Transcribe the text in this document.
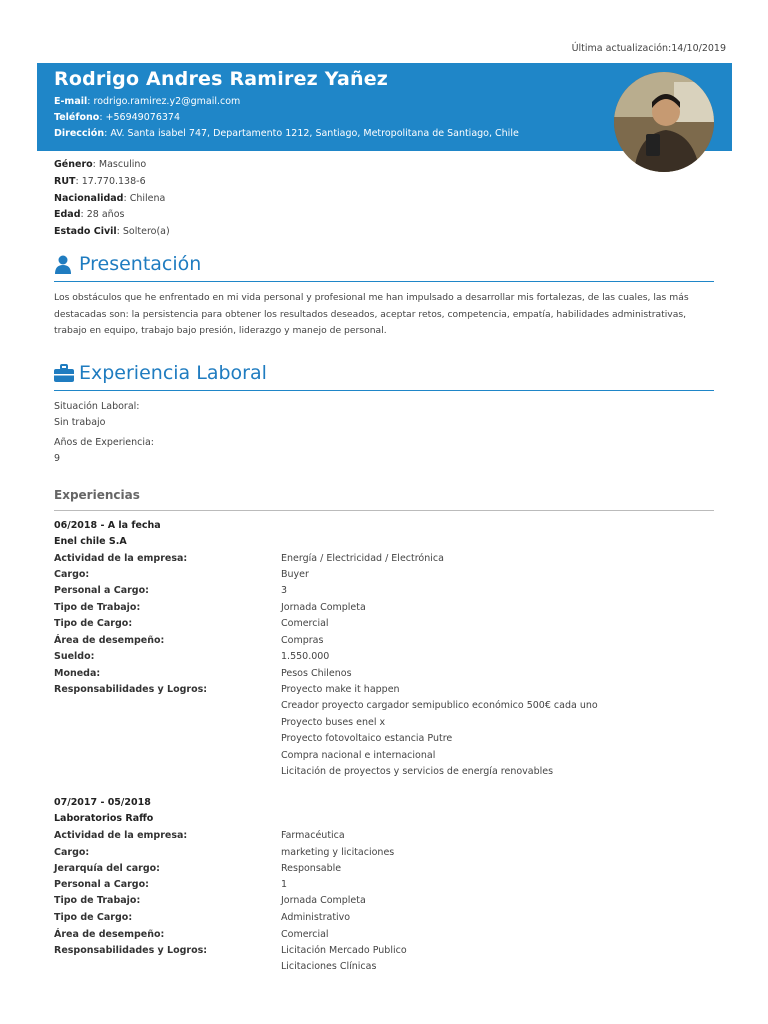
Última actualización:14/10/2019
Rodrigo Andres Ramirez Yañez
E-mail: rodrigo.ramirez.y2@gmail.com
Teléfono: +56949076374
Dirección: AV. Santa isabel 747, Departamento 1212, Santiago, Metropolitana de Santiago, Chile
Género: Masculino
RUT: 17.770.138-6
Nacionalidad: Chilena
Edad: 28 años
Estado Civil: Soltero(a)
Presentación
Los obstáculos que he enfrentado en mi vida personal y profesional me han impulsado a desarrollar mis fortalezas, de las cuales, las más
destacadas son: la persistencia para obtener los resultados deseados, aceptar retos, competencia, empatía, habilidades administrativas,
trabajo en equipo, trabajo bajo presión, liderazgo y manejo de personal.
Experiencia Laboral
Situación Laboral:
Sin trabajo
Años de Experiencia:
9
Experiencias
06/2018 - A la fecha
Enel chile S.A
Actividad de la empresa:	Energía / Electricidad / Electrónica
Cargo:	Buyer
Personal a Cargo:	3
Tipo de Trabajo:	Jornada Completa
Tipo de Cargo:	Comercial
Área de desempeño:	Compras
Sueldo:	1.550.000
Moneda:	Pesos Chilenos
Responsabilidades y Logros:	Proyecto make it happen
Creador proyecto cargador semipublico económico 500€ cada uno
Proyecto buses enel x
Proyecto fotovoltaico estancia Putre
Compra nacional e internacional
Licitación de proyectos y servicios de energía renovables
07/2017 - 05/2018
Laboratorios Raffo
Actividad de la empresa:	Farmacéutica
Cargo:	marketing y licitaciones
Jerarquía del cargo:	Responsable
Personal a Cargo:	1
Tipo de Trabajo:	Jornada Completa
Tipo de Cargo:	Administrativo
Área de desempeño:	Comercial
Responsabilidades y Logros:	Licitación Mercado Publico
Licitaciones Clínicas
